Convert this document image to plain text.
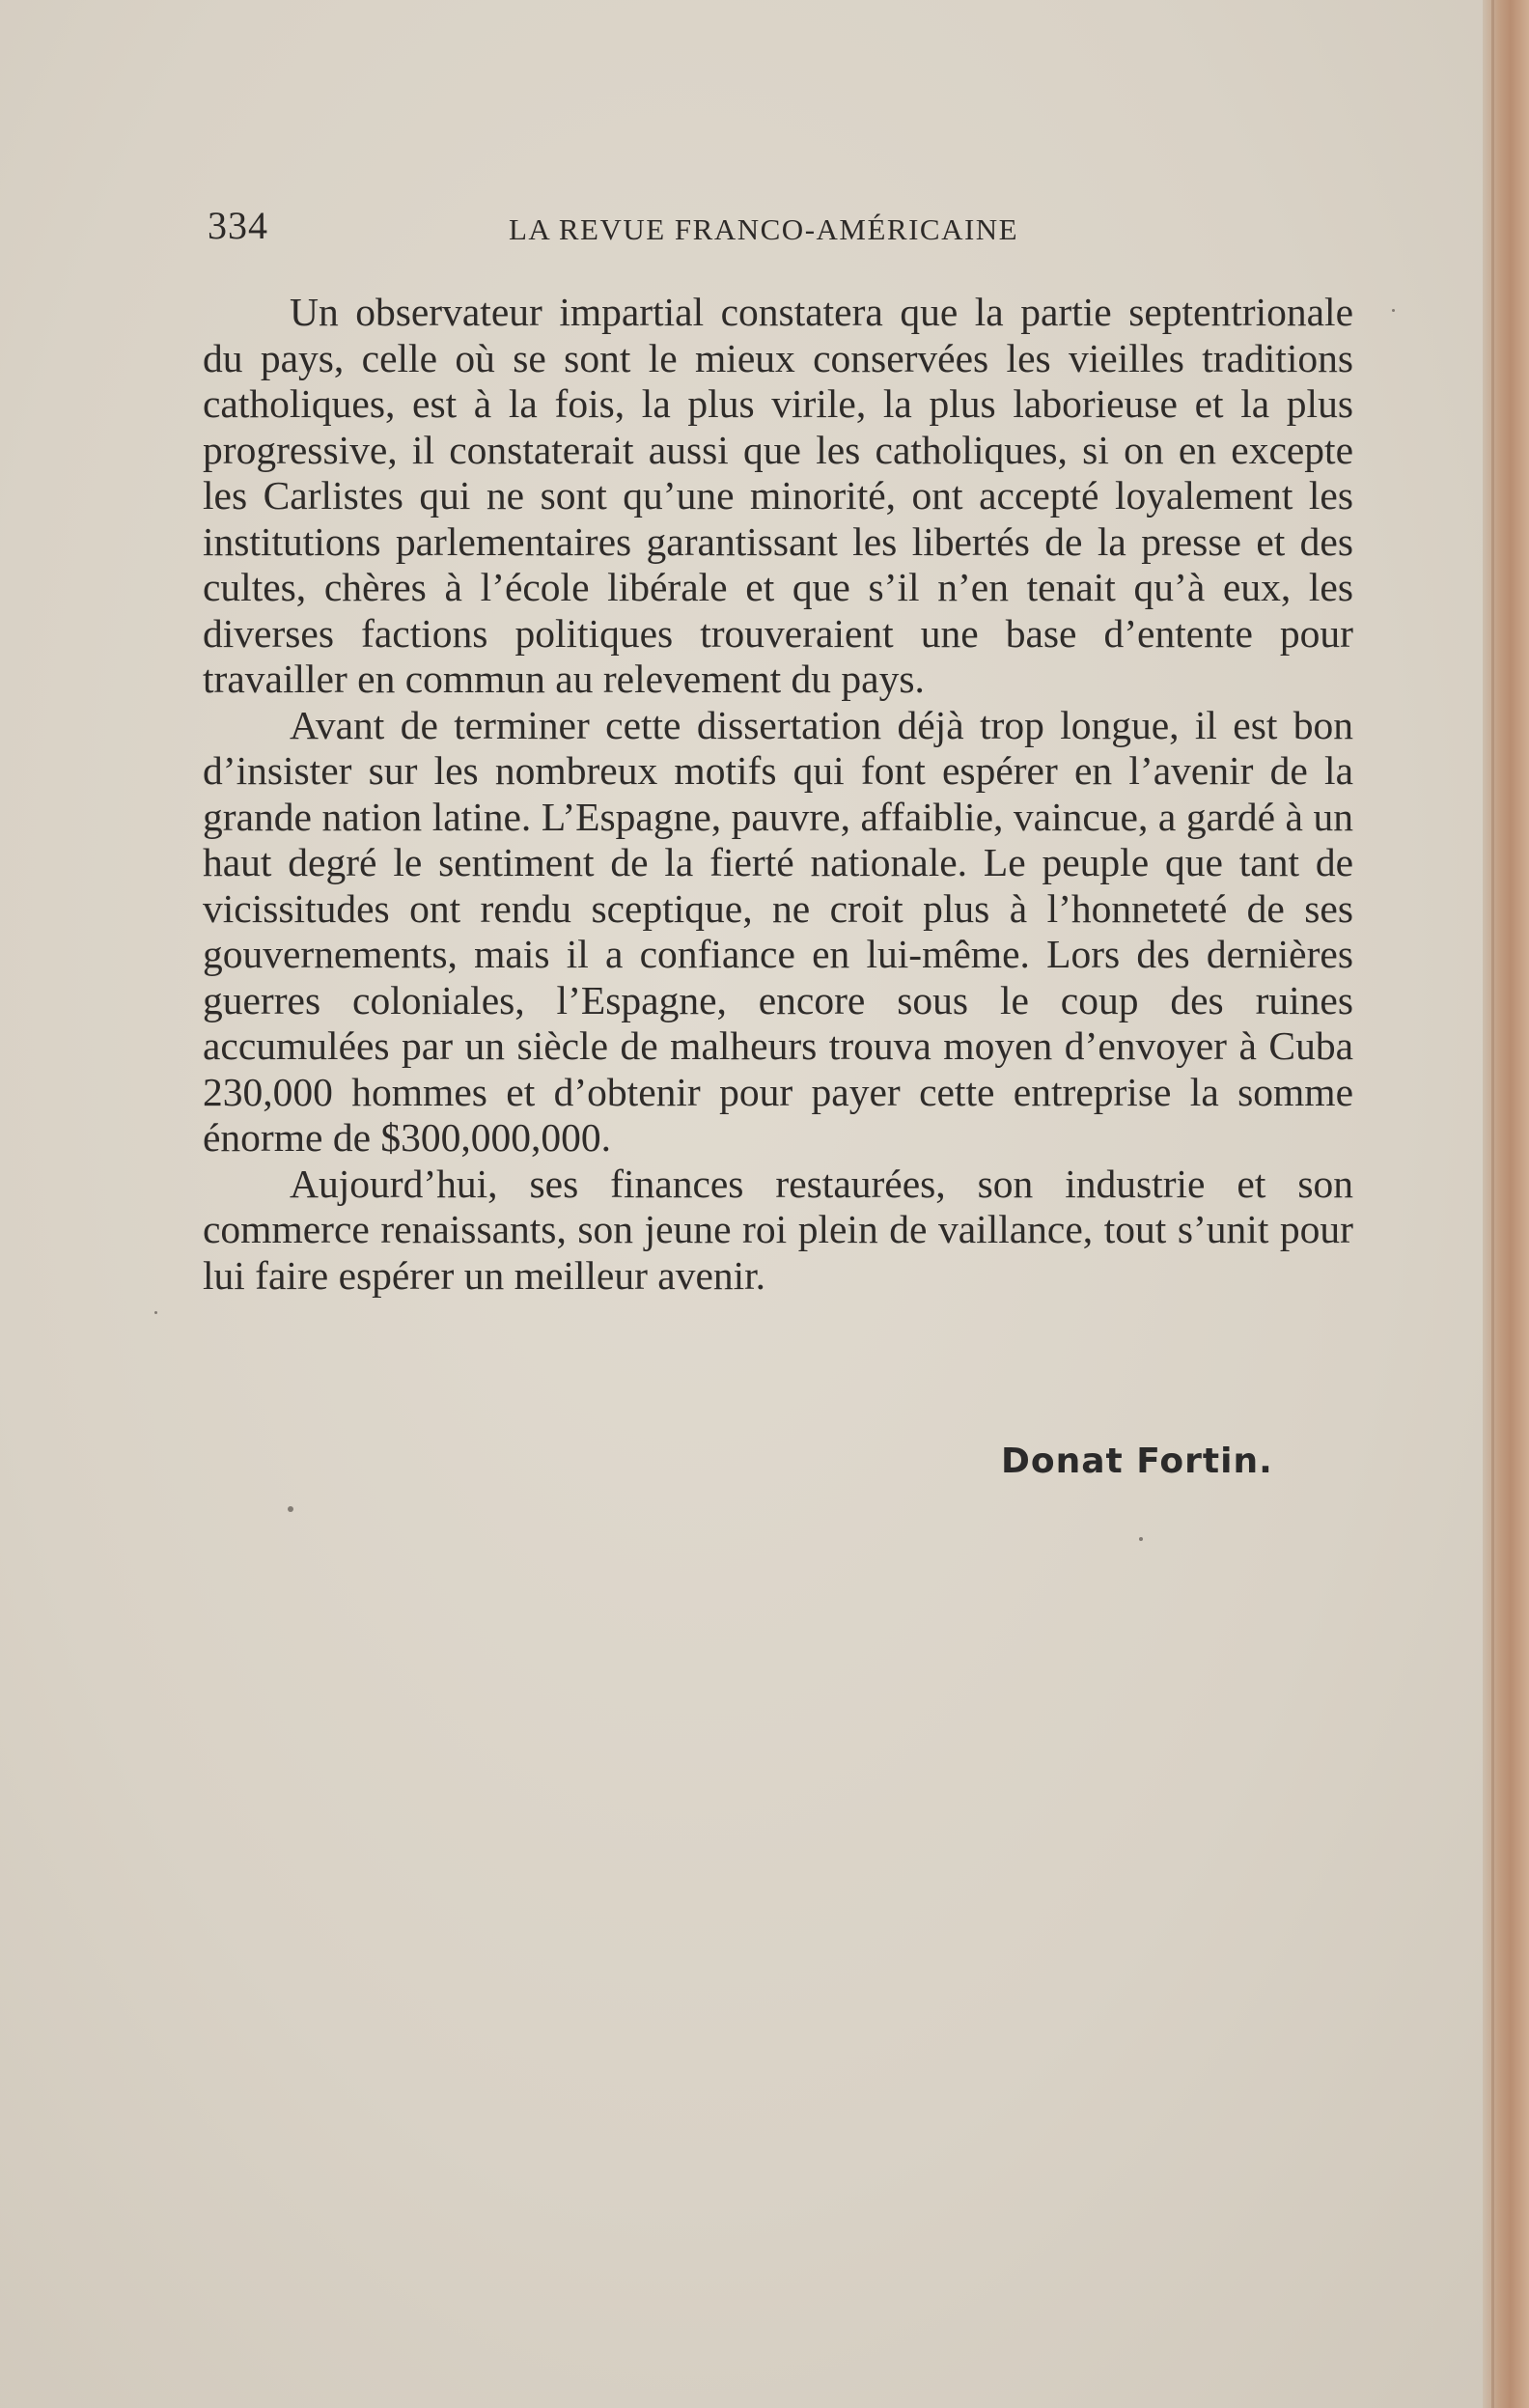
334	LA REVUE FRANCO-AMÉRICAINE

Un observateur impartial constatera que la partie septentrionale du pays, celle où se sont le mieux conservées les vieilles traditions catholiques, est à la fois, la plus virile, la plus laborieuse et la plus progressive, il constaterait aussi que les catholiques, si on en excepte les Carlistes qui ne sont qu’une minorité, ont accepté loyalement les institutions parlementaires garantissant les libertés de la presse et des cultes, chères à l’école libérale et que s’il n’en tenait qu’à eux, les diverses factions politiques trouveraient une base d’entente pour travailler en commun au relevement du pays.

Avant de terminer cette dissertation déjà trop longue, il est bon d’insister sur les nombreux motifs qui font espérer en l’avenir de la grande nation latine. L’Espagne, pauvre, affaiblie, vaincue, a gardé à un haut degré le sentiment de la fierté nationale. Le peuple que tant de vicissitudes ont rendu sceptique, ne croit plus à l’honneteté de ses gouvernements, mais il a confiance en lui-même. Lors des dernières guerres coloniales, l’Espagne, encore sous le coup des ruines accumulées par un siècle de malheurs trouva moyen d’envoyer à Cuba 230,000 hommes et d’obtenir pour payer cette entreprise la somme énorme de $300,000,000.

Aujourd’hui, ses finances restaurées, son industrie et son commerce renaissants, son jeune roi plein de vaillance, tout s’unit pour lui faire espérer un meilleur avenir.

Donat Fortin.
